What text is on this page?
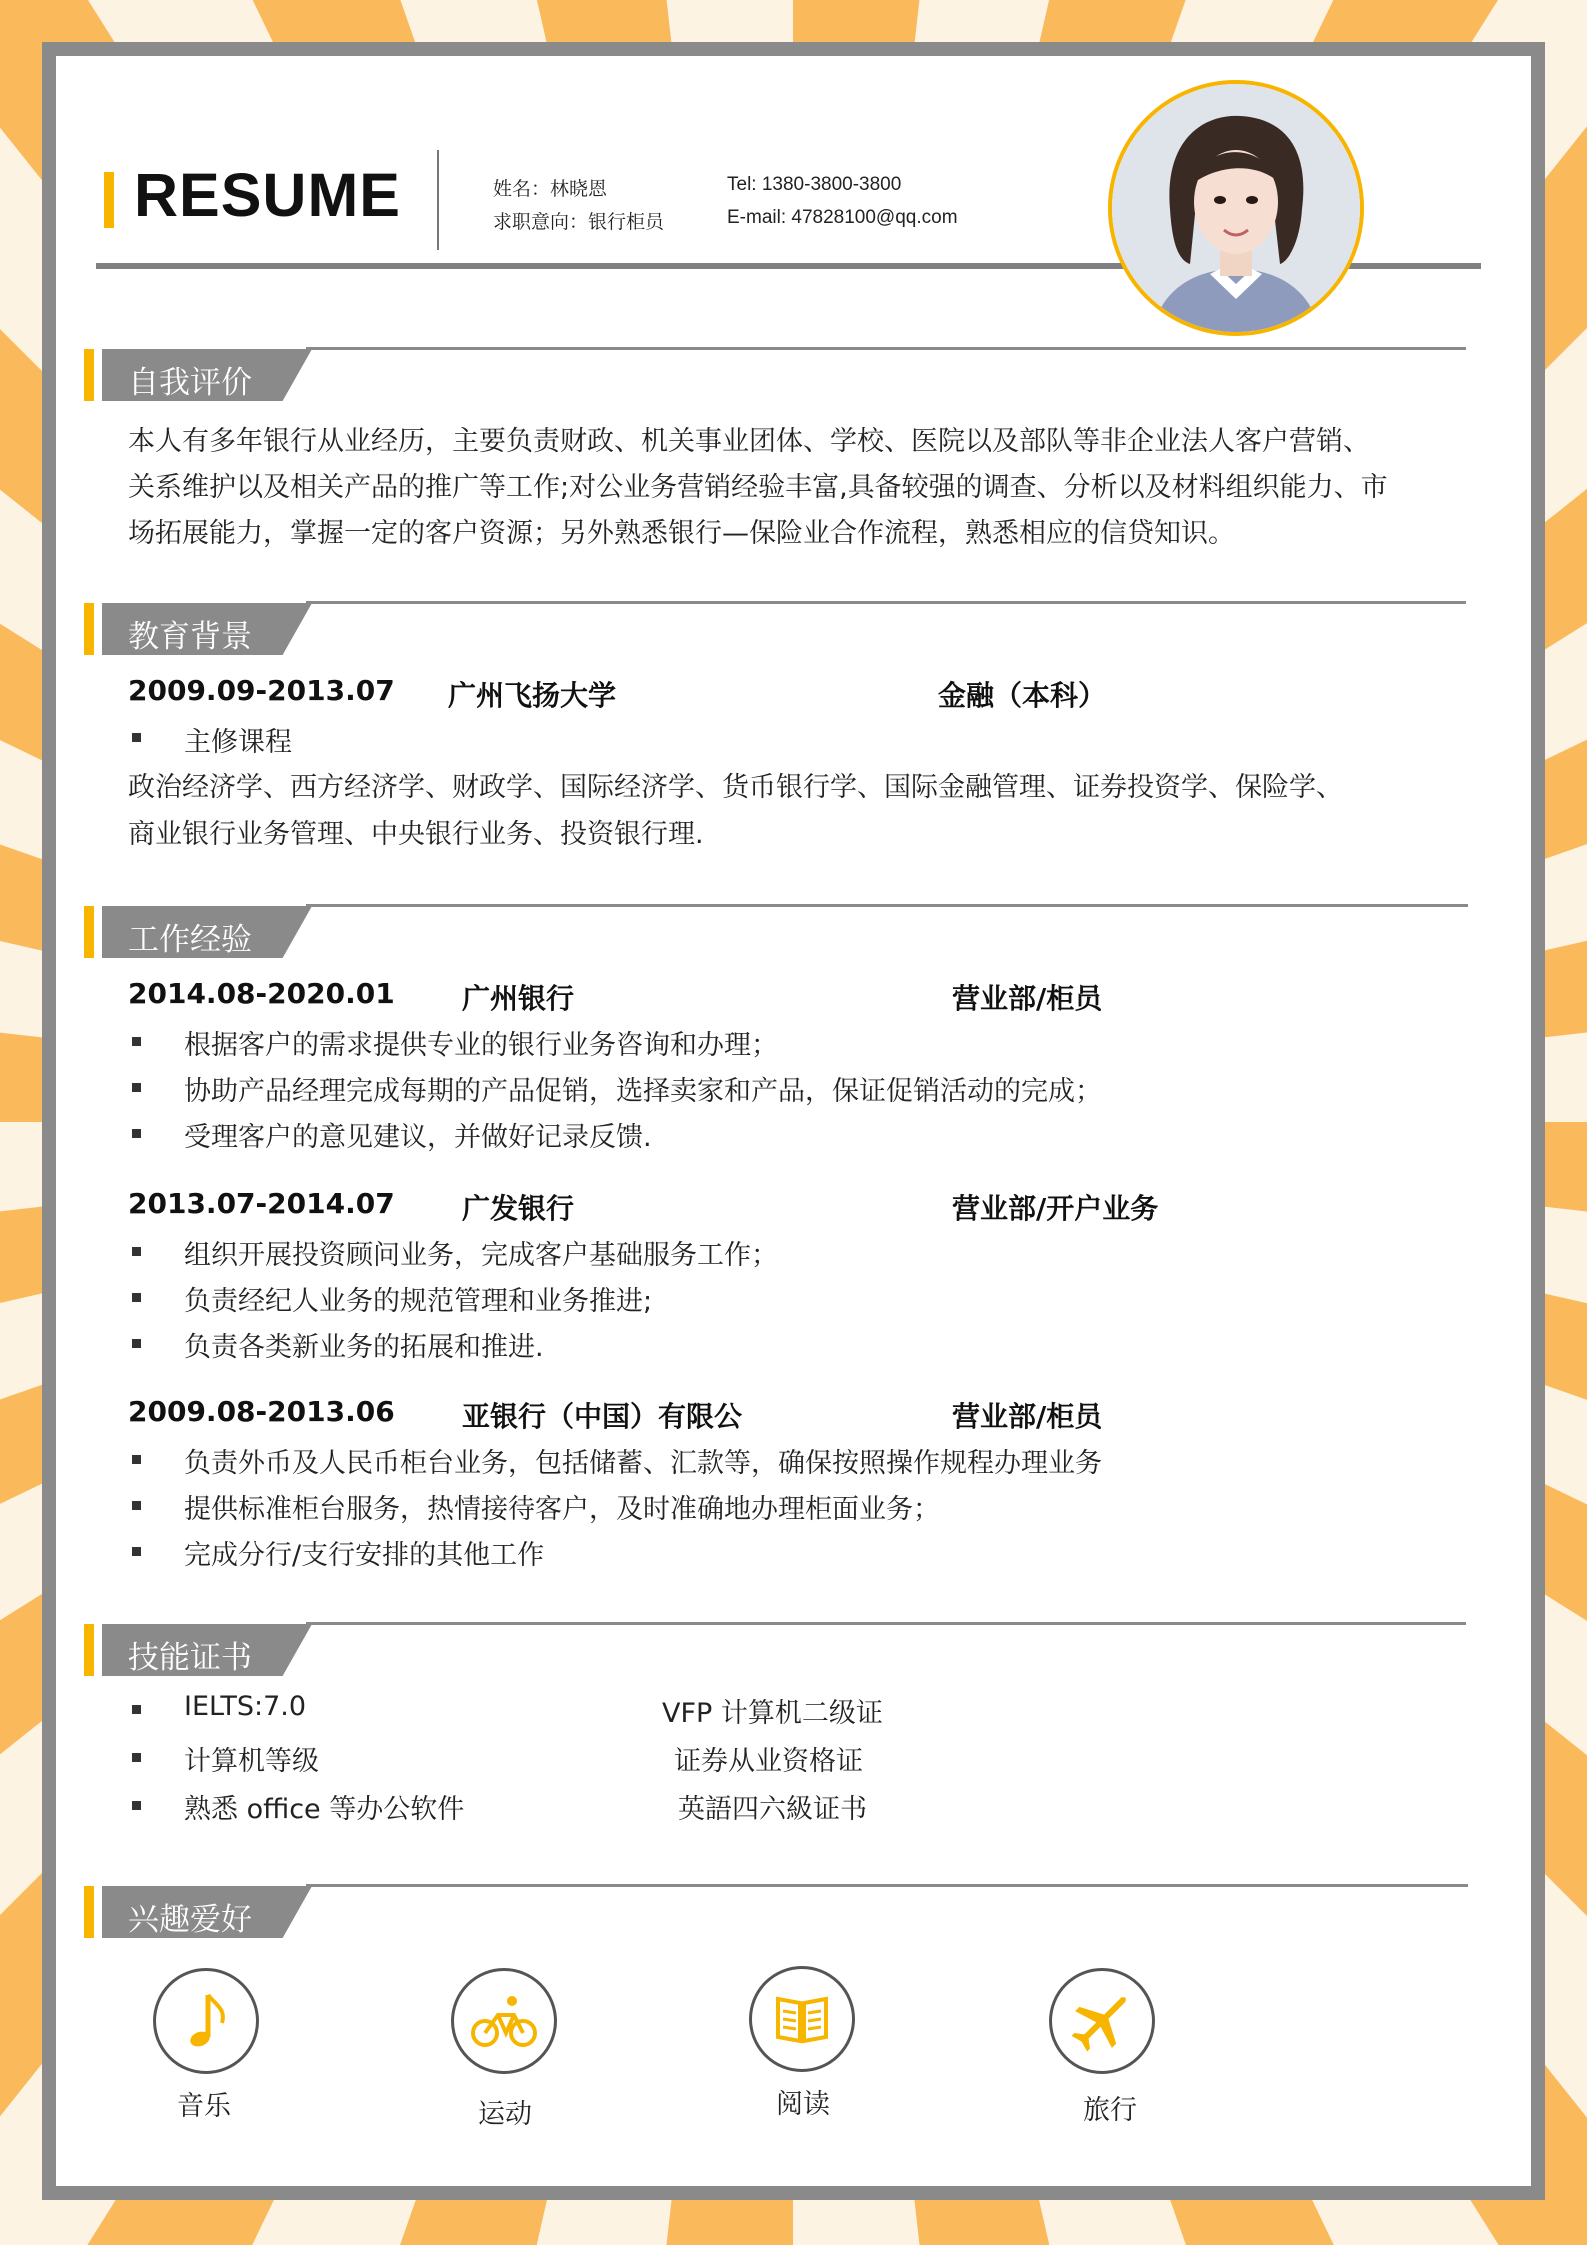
RESUME	姓名：林晓恩
求职意向：银行柜员
Tel: 1380-3800-3800
E-mail: 47828100@qq.com
自我评价
本人有多年银行从业经历，主要负责财政、机关事业团体、学校、医院以及部队等非企业法人客户营销、
关系维护以及相关产品的推广等工作;对公业务营销经验丰富,具备较强的调查、分析以及材料组织能力、市
场拓展能力，掌握一定的客户资源；另外熟悉银行—保险业合作流程，熟悉相应的信贷知识。
教育背景
2009.09-2013.07 广州飞扬大学	金融（本科）
主修课程
政治经济学、西方经济学、财政学、国际经济学、货币银行学、国际金融管理、证券投资学、保险学、
商业银行业务管理、中央银行业务、投资银行理.
工作经验
2014.08-2020.01 广州银行	营业部/柜员
根据客户的需求提供专业的银行业务咨询和办理；
协助产品经理完成每期的产品促销，选择卖家和产品，保证促销活动的完成；
受理客户的意见建议，并做好记录反馈.
2013.07-2014.07 广发银行	营业部/开户业务
组织开展投资顾问业务，完成客户基础服务工作；
负责经纪人业务的规范管理和业务推进;
负责各类新业务的拓展和推进.
2009.08-2013.06 亚银行（中国）有限公	营业部/柜员
负责外币及人民币柜台业务，包括储蓄、汇款等，确保按照操作规程办理业务
提供标准柜台服务，热情接待客户，及时准确地办理柜面业务；
完成分行/支行安排的其他工作
技能证书
IELTS:7.0	VFP 计算机二级证
计算机等级	证券从业资格证
熟悉 office 等办公软件	英語四六級证书
兴趣爱好
音乐	运动	阅读	旅行
